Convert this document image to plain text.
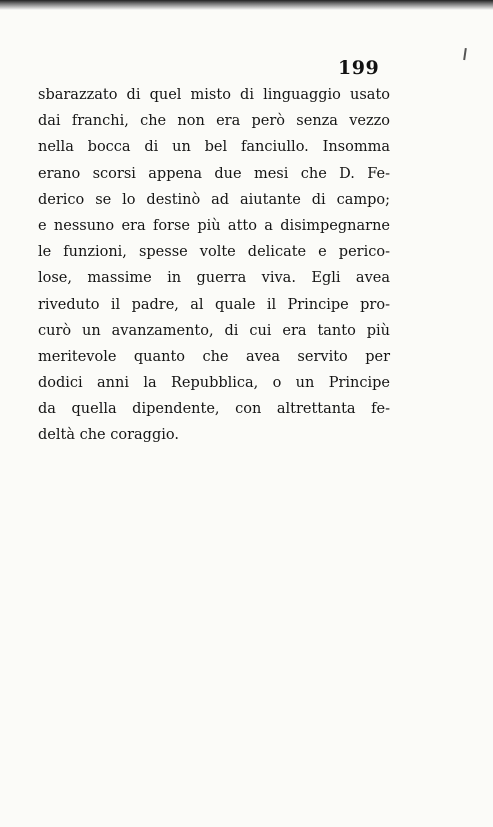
199
sbarazzato di quel misto di linguaggio usato
dai franchi, che non era però senza vezzo
nella bocca di un bel fanciullo. Insomma
erano scorsi appena due mesi che D. Fe-
derico se lo destinò ad aiutante di campo;
e nessuno era forse più atto a disimpegnarne
le funzioni, spesse volte delicate e perico-
lose, massime in guerra viva. Egli avea
riveduto il padre, al quale il Principe pro-
curò un avanzamento, di cui era tanto più
meritevole quanto che avea servito per
dodici anni la Repubblica, o un Principe
da quella dipendente, con altrettanta fe-
deltà che coraggio.
